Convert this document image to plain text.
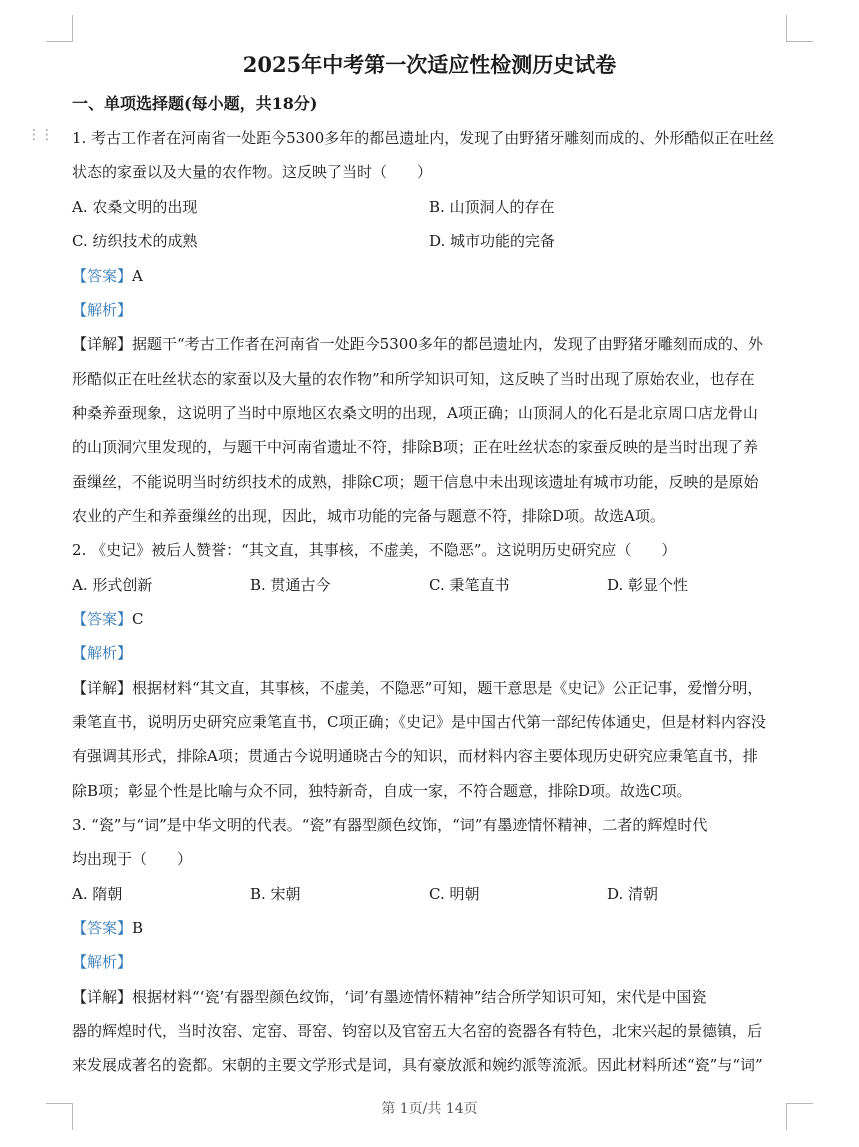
⋮⋮
2025年中考第一次适应性检测历史试卷
一、单项选择题(每小题，共18分)
1. 考古工作者在河南省一处距今5300多年的都邑遗址内，发现了由野猪牙雕刻而成的、外形酷似正在吐丝
状态的家蚕以及大量的农作物。这反映了当时（　　）
A. 农桑文明的出现	B. 山顶洞人的存在
C. 纺织技术的成熟	D. 城市功能的完备
【答案】A
【解析】
【详解】据题干“考古工作者在河南省一处距今5300多年的都邑遗址内，发现了由野猪牙雕刻而成的、外
形酷似正在吐丝状态的家蚕以及大量的农作物”和所学知识可知，这反映了当时出现了原始农业，也存在
种桑养蚕现象，这说明了当时中原地区农桑文明的出现，A项正确；山顶洞人的化石是北京周口店龙骨山
的山顶洞穴里发现的，与题干中河南省遗址不符，排除B项；正在吐丝状态的家蚕反映的是当时出现了养
蚕缫丝，不能说明当时纺织技术的成熟，排除C项；题干信息中未出现该遗址有城市功能，反映的是原始
农业的产生和养蚕缫丝的出现，因此，城市功能的完备与题意不符，排除D项。故选A项。
2. 《史记》被后人赞誉：“其文直，其事核，不虚美，不隐恶”。这说明历史研究应（　　）
A. 形式创新	B. 贯通古今	C. 秉笔直书	D. 彰显个性
【答案】C
【解析】
【详解】根据材料“其文直，其事核，不虚美，不隐恶”可知，题干意思是《史记》公正记事，爱憎分明，
秉笔直书，说明历史研究应秉笔直书，C项正确；《史记》是中国古代第一部纪传体通史，但是材料内容没
有强调其形式，排除A项；贯通古今说明通晓古今的知识，而材料内容主要体现历史研究应秉笔直书，排
除B项；彰显个性是比喻与众不同，独特新奇，自成一家，不符合题意，排除D项。故选C项。
3. “瓷”与“词”是中华文明的代表。“瓷”有器型颜色纹饰，“词”有墨迹情怀精神，二者的辉煌时代
均出现于（　　）
A. 隋朝	B. 宋朝	C. 明朝	D. 清朝
【答案】B
【解析】
【详解】根据材料“‘瓷’有器型颜色纹饰，‘词’有墨迹情怀精神”结合所学知识可知，宋代是中国瓷
器的辉煌时代，当时汝窑、定窑、哥窑、钧窑以及官窑五大名窑的瓷器各有特色，北宋兴起的景德镇，后
来发展成著名的瓷都。宋朝的主要文学形式是词，具有豪放派和婉约派等流派。因此材料所述“瓷”与“词”
第 1页/共 14页
